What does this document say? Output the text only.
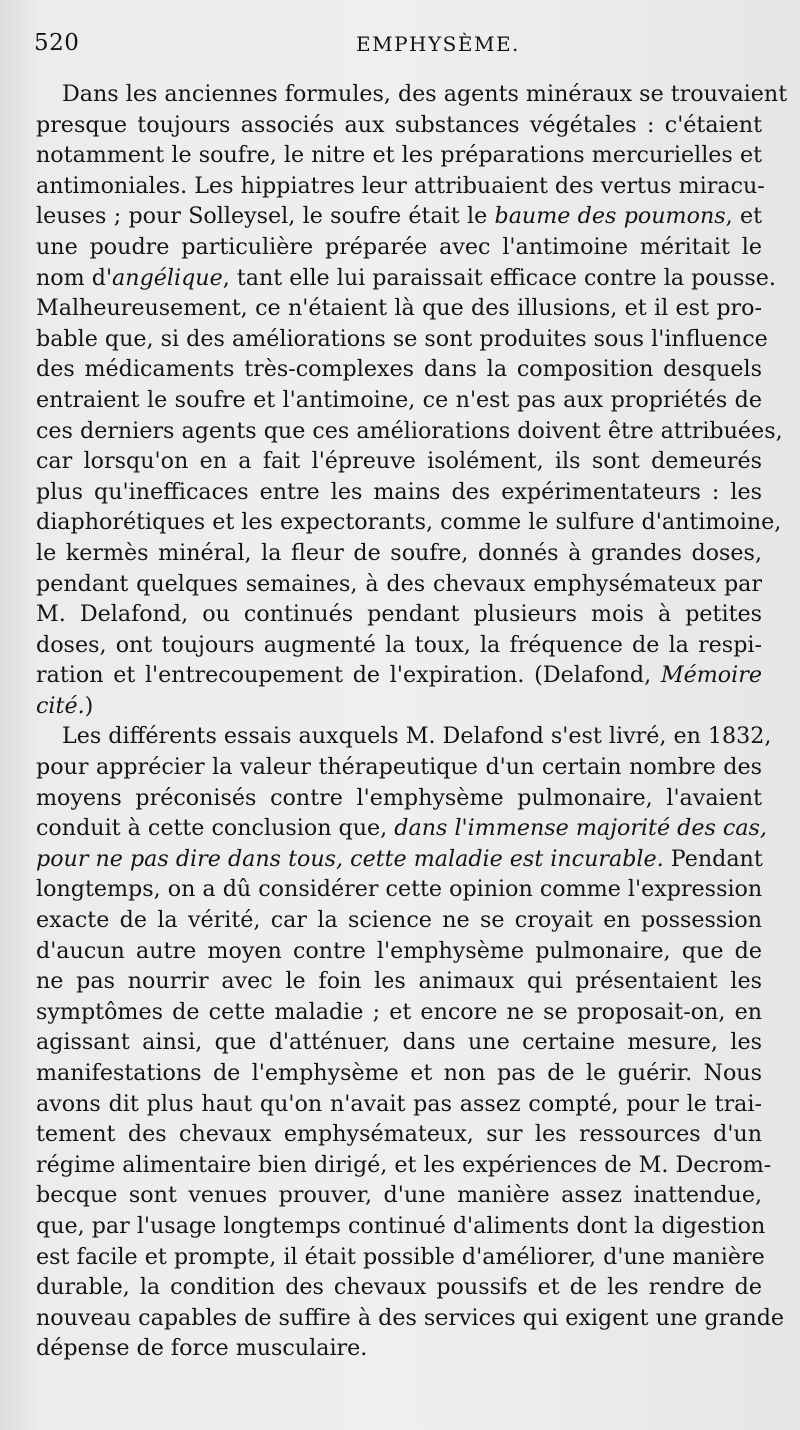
520	EMPHYSÈME.
Dans les anciennes formules, des agents minéraux se trouvaient
presque toujours associés aux substances végétales : c'étaient
notamment le soufre, le nitre et les préparations mercurielles et
antimoniales. Les hippiatres leur attribuaient des vertus miracu-
leuses ; pour Solleysel, le soufre était le baume des poumons, et
une poudre particulière préparée avec l'antimoine méritait le
nom d'angélique, tant elle lui paraissait efficace contre la pousse.
Malheureusement, ce n'étaient là que des illusions, et il est pro-
bable que, si des améliorations se sont produites sous l'influence
des médicaments très-complexes dans la composition desquels
entraient le soufre et l'antimoine, ce n'est pas aux propriétés de
ces derniers agents que ces améliorations doivent être attribuées,
car lorsqu'on en a fait l'épreuve isolément, ils sont demeurés
plus qu'inefficaces entre les mains des expérimentateurs : les
diaphorétiques et les expectorants, comme le sulfure d'antimoine,
le kermès minéral, la fleur de soufre, donnés à grandes doses,
pendant quelques semaines, à des chevaux emphysémateux par
M. Delafond, ou continués pendant plusieurs mois à petites
doses, ont toujours augmenté la toux, la fréquence de la respi-
ration et l'entrecoupement de l'expiration. (Delafond, Mémoire
cité.)
Les différents essais auxquels M. Delafond s'est livré, en 1832,
pour apprécier la valeur thérapeutique d'un certain nombre des
moyens préconisés contre l'emphysème pulmonaire, l'avaient
conduit à cette conclusion que, dans l'immense majorité des cas,
pour ne pas dire dans tous, cette maladie est incurable. Pendant
longtemps, on a dû considérer cette opinion comme l'expression
exacte de la vérité, car la science ne se croyait en possession
d'aucun autre moyen contre l'emphysème pulmonaire, que de
ne pas nourrir avec le foin les animaux qui présentaient les
symptômes de cette maladie ; et encore ne se proposait-on, en
agissant ainsi, que d'atténuer, dans une certaine mesure, les
manifestations de l'emphysème et non pas de le guérir. Nous
avons dit plus haut qu'on n'avait pas assez compté, pour le trai-
tement des chevaux emphysémateux, sur les ressources d'un
régime alimentaire bien dirigé, et les expériences de M. Decrom-
becque sont venues prouver, d'une manière assez inattendue,
que, par l'usage longtemps continué d'aliments dont la digestion
est facile et prompte, il était possible d'améliorer, d'une manière
durable, la condition des chevaux poussifs et de les rendre de
nouveau capables de suffire à des services qui exigent une grande
dépense de force musculaire.
